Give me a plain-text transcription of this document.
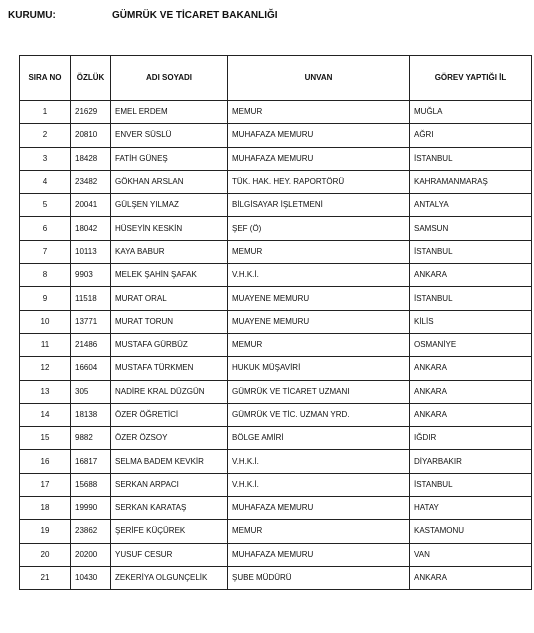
KURUMU:	GÜMRÜK VE TİCARET BAKANLIĞI
SIRA NO	ÖZLÜK	ADI SOYADI	UNVAN	GÖREV YAPTIĞI İL
1	21629	EMEL ERDEM	MEMUR	MUĞLA
2	20810	ENVER SÜSLÜ	MUHAFAZA MEMURU	AĞRI
3	18428	FATİH GÜNEŞ	MUHAFAZA MEMURU	İSTANBUL
4	23482	GÖKHAN ARSLAN	TÜK. HAK. HEY. RAPORTÖRÜ	KAHRAMANMARAŞ
5	20041	GÜLŞEN YILMAZ	BİLGİSAYAR İŞLETMENİ	ANTALYA
6	18042	HÜSEYİN KESKİN	ŞEF (Ö)	SAMSUN
7	10113	KAYA BABUR	MEMUR	İSTANBUL
8	9903	MELEK ŞAHİN ŞAFAK	V.H.K.İ.	ANKARA
9	11518	MURAT ORAL	MUAYENE MEMURU	İSTANBUL
10	13771	MURAT TORUN	MUAYENE MEMURU	KİLİS
11	21486	MUSTAFA GÜRBÜZ	MEMUR	OSMANİYE
12	16604	MUSTAFA TÜRKMEN	HUKUK MÜŞAVİRİ	ANKARA
13	305	NADİRE KRAL DÜZGÜN	GÜMRÜK VE TİCARET UZMANI	ANKARA
14	18138	ÖZER ÖĞRETİCİ	GÜMRÜK VE TİC. UZMAN YRD.	ANKARA
15	9882	ÖZER ÖZSOY	BÖLGE AMİRİ	IĞDIR
16	16817	SELMA BADEM KEVKİR	V.H.K.İ.	DİYARBAKIR
17	15688	SERKAN ARPACI	V.H.K.İ.	İSTANBUL
18	19990	SERKAN KARATAŞ	MUHAFAZA MEMURU	HATAY
19	23862	ŞERİFE KÜÇÜREK	MEMUR	KASTAMONU
20	20200	YUSUF CESUR	MUHAFAZA MEMURU	VAN
21	10430	ZEKERİYA OLGUNÇELİK	ŞUBE MÜDÜRÜ	ANKARA
